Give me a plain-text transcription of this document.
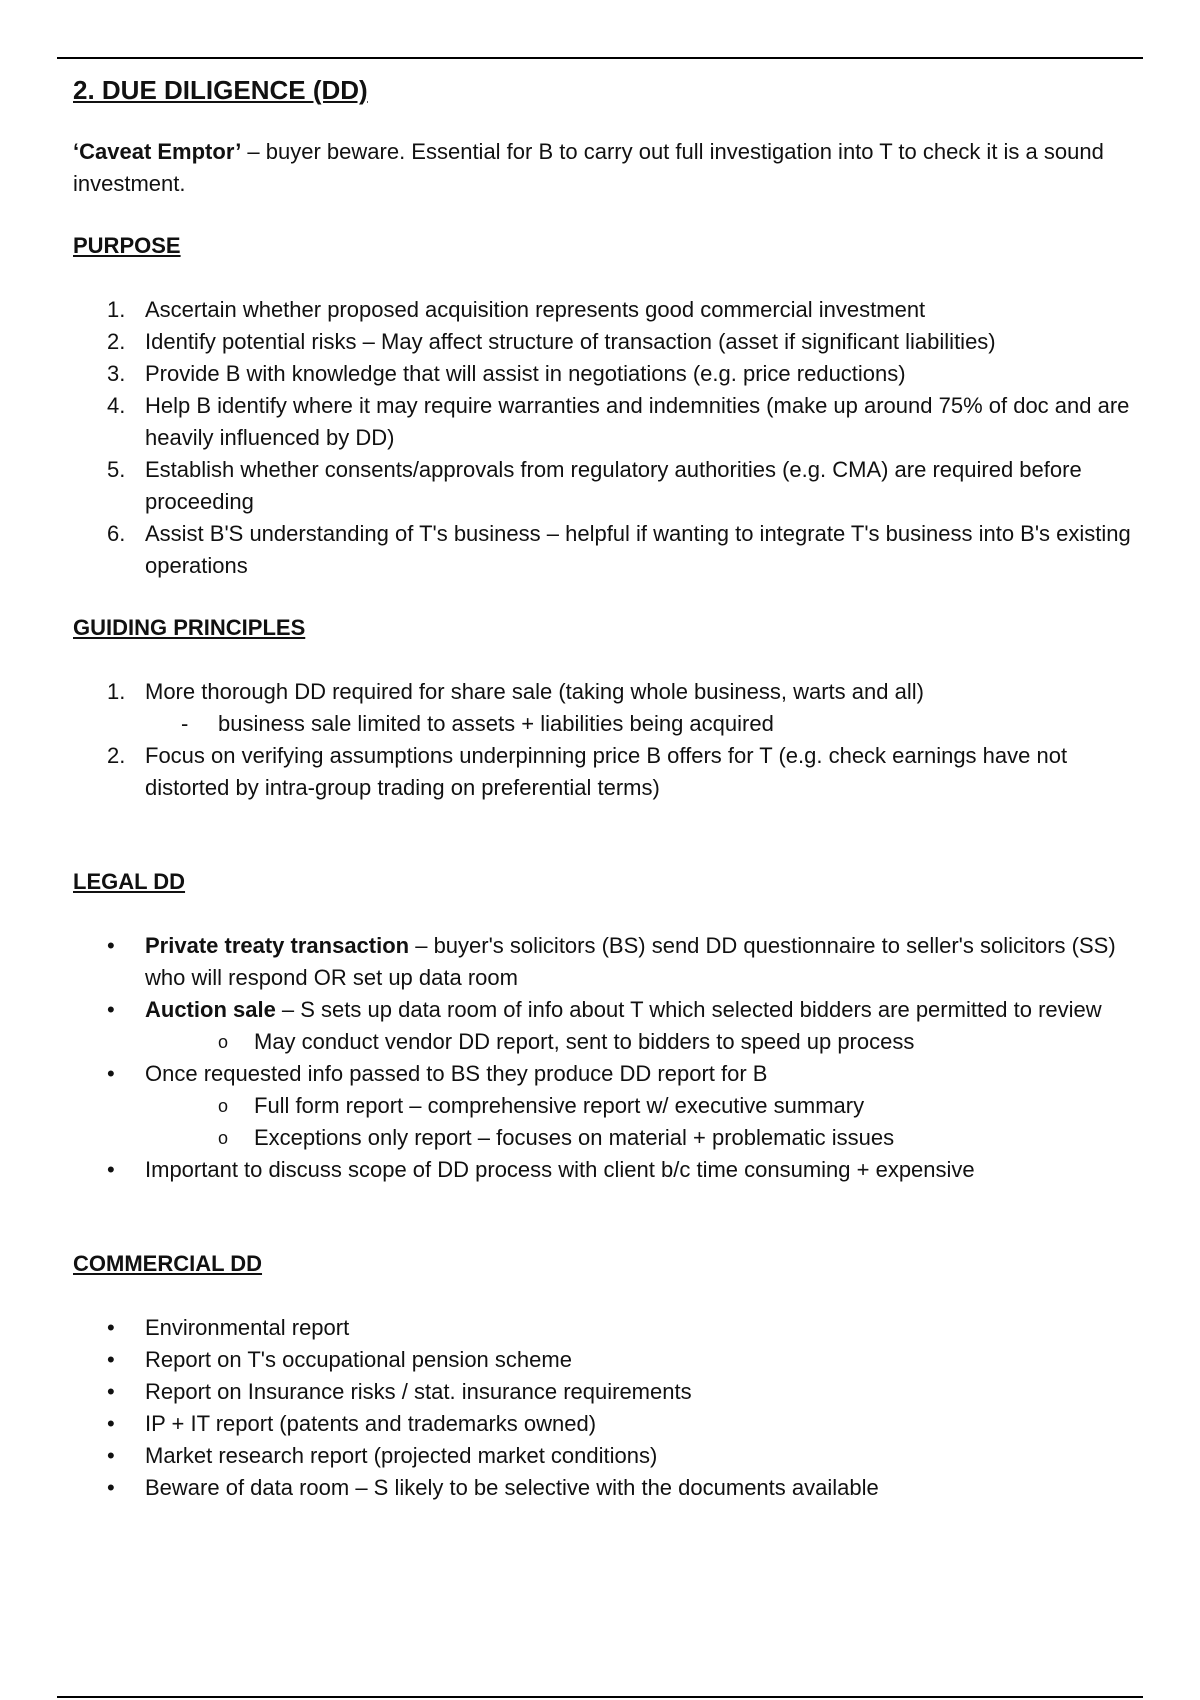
2. DUE DILIGENCE (DD)

‘Caveat Emptor’ – buyer beware. Essential for B to carry out full investigation into T to check it is a sound investment.

PURPOSE
1. Ascertain whether proposed acquisition represents good commercial investment
2. Identify potential risks – May affect structure of transaction (asset if significant liabilities)
3. Provide B with knowledge that will assist in negotiations (e.g. price reductions)
4. Help B identify where it may require warranties and indemnities (make up around 75% of doc and are heavily influenced by DD)
5. Establish whether consents/approvals from regulatory authorities (e.g. CMA) are required before proceeding
6. Assist B'S understanding of T's business – helpful if wanting to integrate T's business into B's existing operations
GUIDING PRINCIPLES
1. More thorough DD required for share sale (taking whole business, warts and all)
- business sale limited to assets + liabilities being acquired
2. Focus on verifying assumptions underpinning price B offers for T (e.g. check earnings have not distorted by intra-group trading on preferential terms)
LEGAL DD
•	Private treaty transaction – buyer's solicitors (BS) send DD questionnaire to seller's solicitors (SS) who will respond OR set up data room
•	Auction sale – S sets up data room of info about T which selected bidders are permitted to review
o May conduct vendor DD report, sent to bidders to speed up process
•	Once requested info passed to BS they produce DD report for B
o Full form report – comprehensive report w/ executive summary
o Exceptions only report – focuses on material + problematic issues
•	Important to discuss scope of DD process with client b/c time consuming + expensive
COMMERCIAL DD
•	Environmental report
•	Report on T's occupational pension scheme
•	Report on Insurance risks / stat. insurance requirements
•	IP + IT report (patents and trademarks owned)
•	Market research report (projected market conditions)
•	Beware of data room – S likely to be selective with the documents available
